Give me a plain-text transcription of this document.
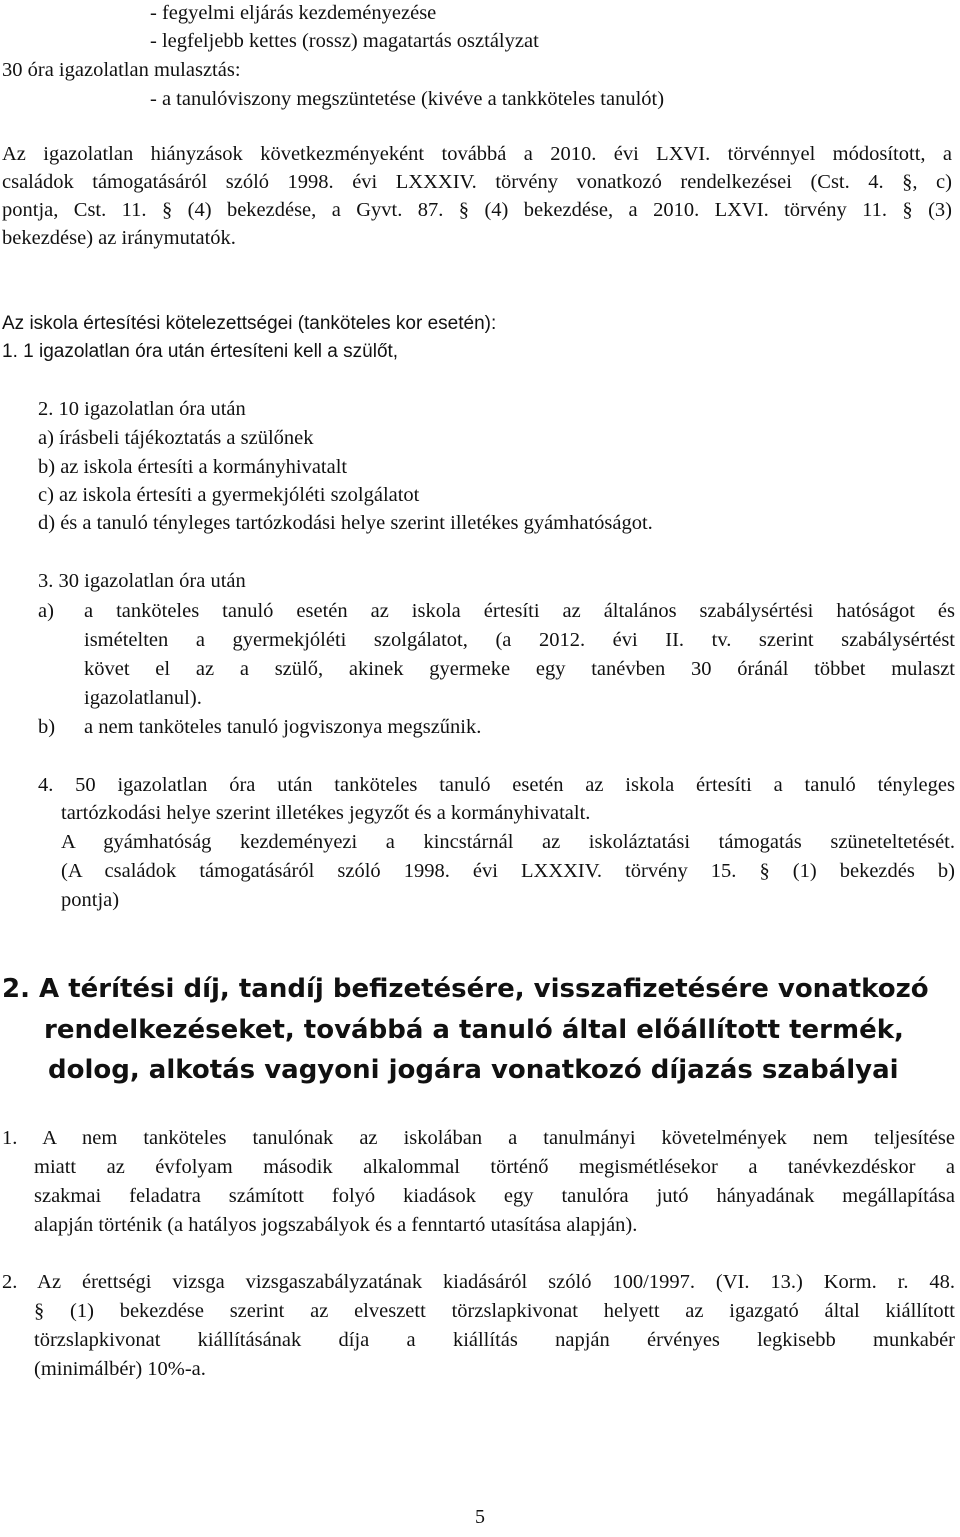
- fegyelmi eljárás kezdeményezése
- legfeljebb kettes (rossz) magatartás osztályzat
30 óra igazolatlan mulasztás:
- a tanulóviszony megszüntetése (kivéve a tankköteles tanulót)
Az igazolatlan hiányzások következményeként továbbá a 2010. évi LXVI. törvénnyel módosított, a
családok támogatásáról szóló 1998. évi LXXXIV. törvény vonatkozó rendelkezései (Cst. 4. §, c)
pontja, Cst. 11. § (4) bekezdése, a Gyvt. 87. § (4) bekezdése, a 2010. LXVI. törvény 11. § (3)
bekezdése) az iránymutatók.
Az iskola értesítési kötelezettségei (tanköteles kor esetén):
1. 1 igazolatlan óra után értesíteni kell a szülőt,
2. 10 igazolatlan óra után
a) írásbeli tájékoztatás a szülőnek
b) az iskola értesíti a kormányhivatalt
c) az iskola értesíti a gyermekjóléti szolgálatot
d) és a tanuló tényleges tartózkodási helye szerint illetékes gyámhatóságot.
3. 30 igazolatlan óra után
a) a tanköteles tanuló esetén az iskola értesíti az általános szabálysértési hatóságot és
ismételten a gyermekjóléti szolgálatot, (a 2012. évi II. tv. szerint szabálysértést
követ el az a szülő, akinek gyermeke egy tanévben 30 óránál többet mulaszt
igazolatlanul).
b) a nem tanköteles tanuló jogviszonya megszűnik.
4. 50 igazolatlan óra után tanköteles tanuló esetén az iskola értesíti a tanuló tényleges
tartózkodási helye szerint illetékes jegyzőt és a kormányhivatalt.
A gyámhatóság kezdeményezi a kincstárnál az iskoláztatási támogatás szüneteltetését.
(A családok támogatásáról szóló 1998. évi LXXXIV. törvény 15. § (1) bekezdés b)
pontja)
2. A térítési díj, tandíj befizetésére, visszafizetésére vonatkozó
rendelkezéseket, továbbá a tanuló által előállított termék,
dolog, alkotás vagyoni jogára vonatkozó díjazás szabályai
1. A nem tanköteles tanulónak az iskolában a tanulmányi követelmények nem teljesítése
miatt az évfolyam második alkalommal történő megismétlésekor a tanévkezdéskor a
szakmai feladatra számított folyó kiadások egy tanulóra jutó hányadának megállapítása
alapján történik (a hatályos jogszabályok és a fenntartó utasítása alapján).
2. Az érettségi vizsga vizsgaszabályzatának kiadásáról szóló 100/1997. (VI. 13.) Korm. r. 48.
§ (1) bekezdése szerint az elveszett törzslapkivonat helyett az igazgató által kiállított
törzslapkivonat kiállításának díja a kiállítás napján érvényes legkisebb munkabér
(minimálbér) 10%-a.
5
